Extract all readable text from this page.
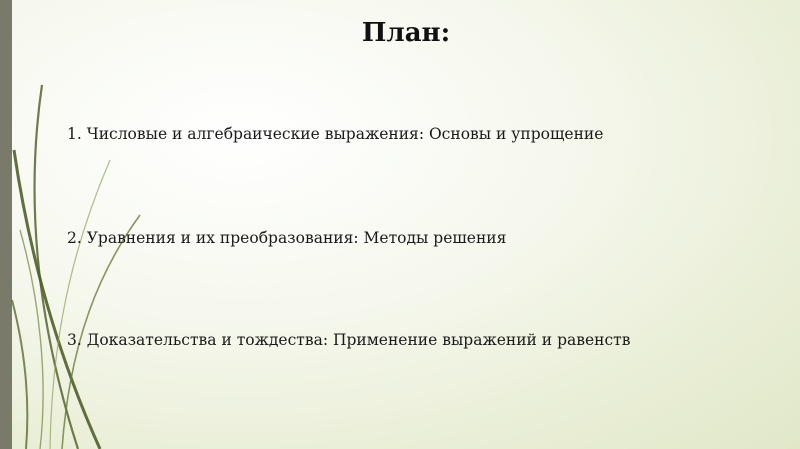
План:
1. Числовые и алгебраические выражения: Основы и упрощение
2. Уравнения и их преобразования: Методы решения
3. Доказательства и тождества: Применение выражений и равенств
